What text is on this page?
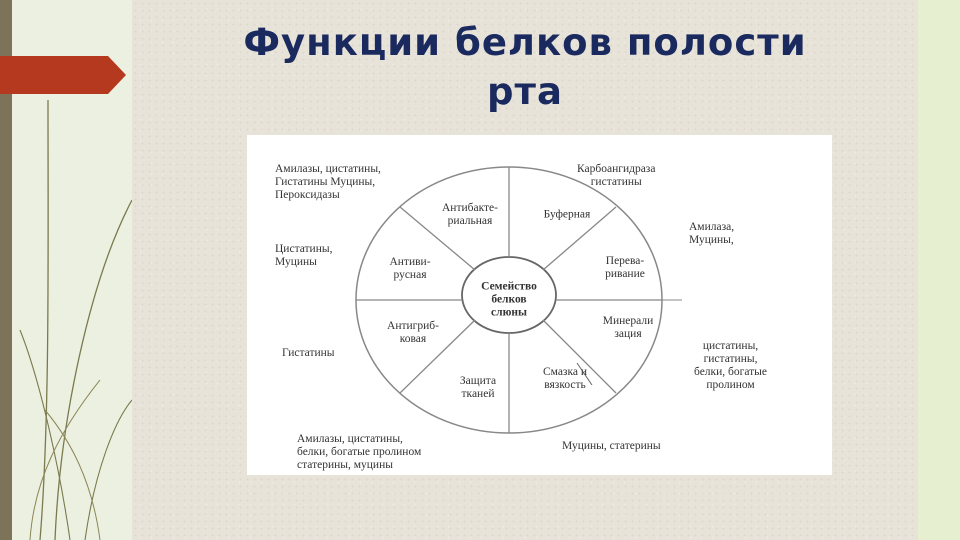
Функции белков полости
рта
Семейство
белков
слюны
Антибакте-
риальная
Буферная
Перева-
ривание
Минерали
зация
Смазка и
вязкость
Защита
тканей
Антигриб-
ковая
Антиви-
русная
Амилазы, цистатины,
Гистатины Муцины,
Пероксидазы
Карбоангидраза
гистатины
Амилаза,
Муцины,
Цистатины,
Муцины
Гистатины
цистатины,
гистатины,
белки, богатые
пролином
Амилазы, цистатины,
белки, богатые пролином
статерины, муцины
Муцины, статерины
